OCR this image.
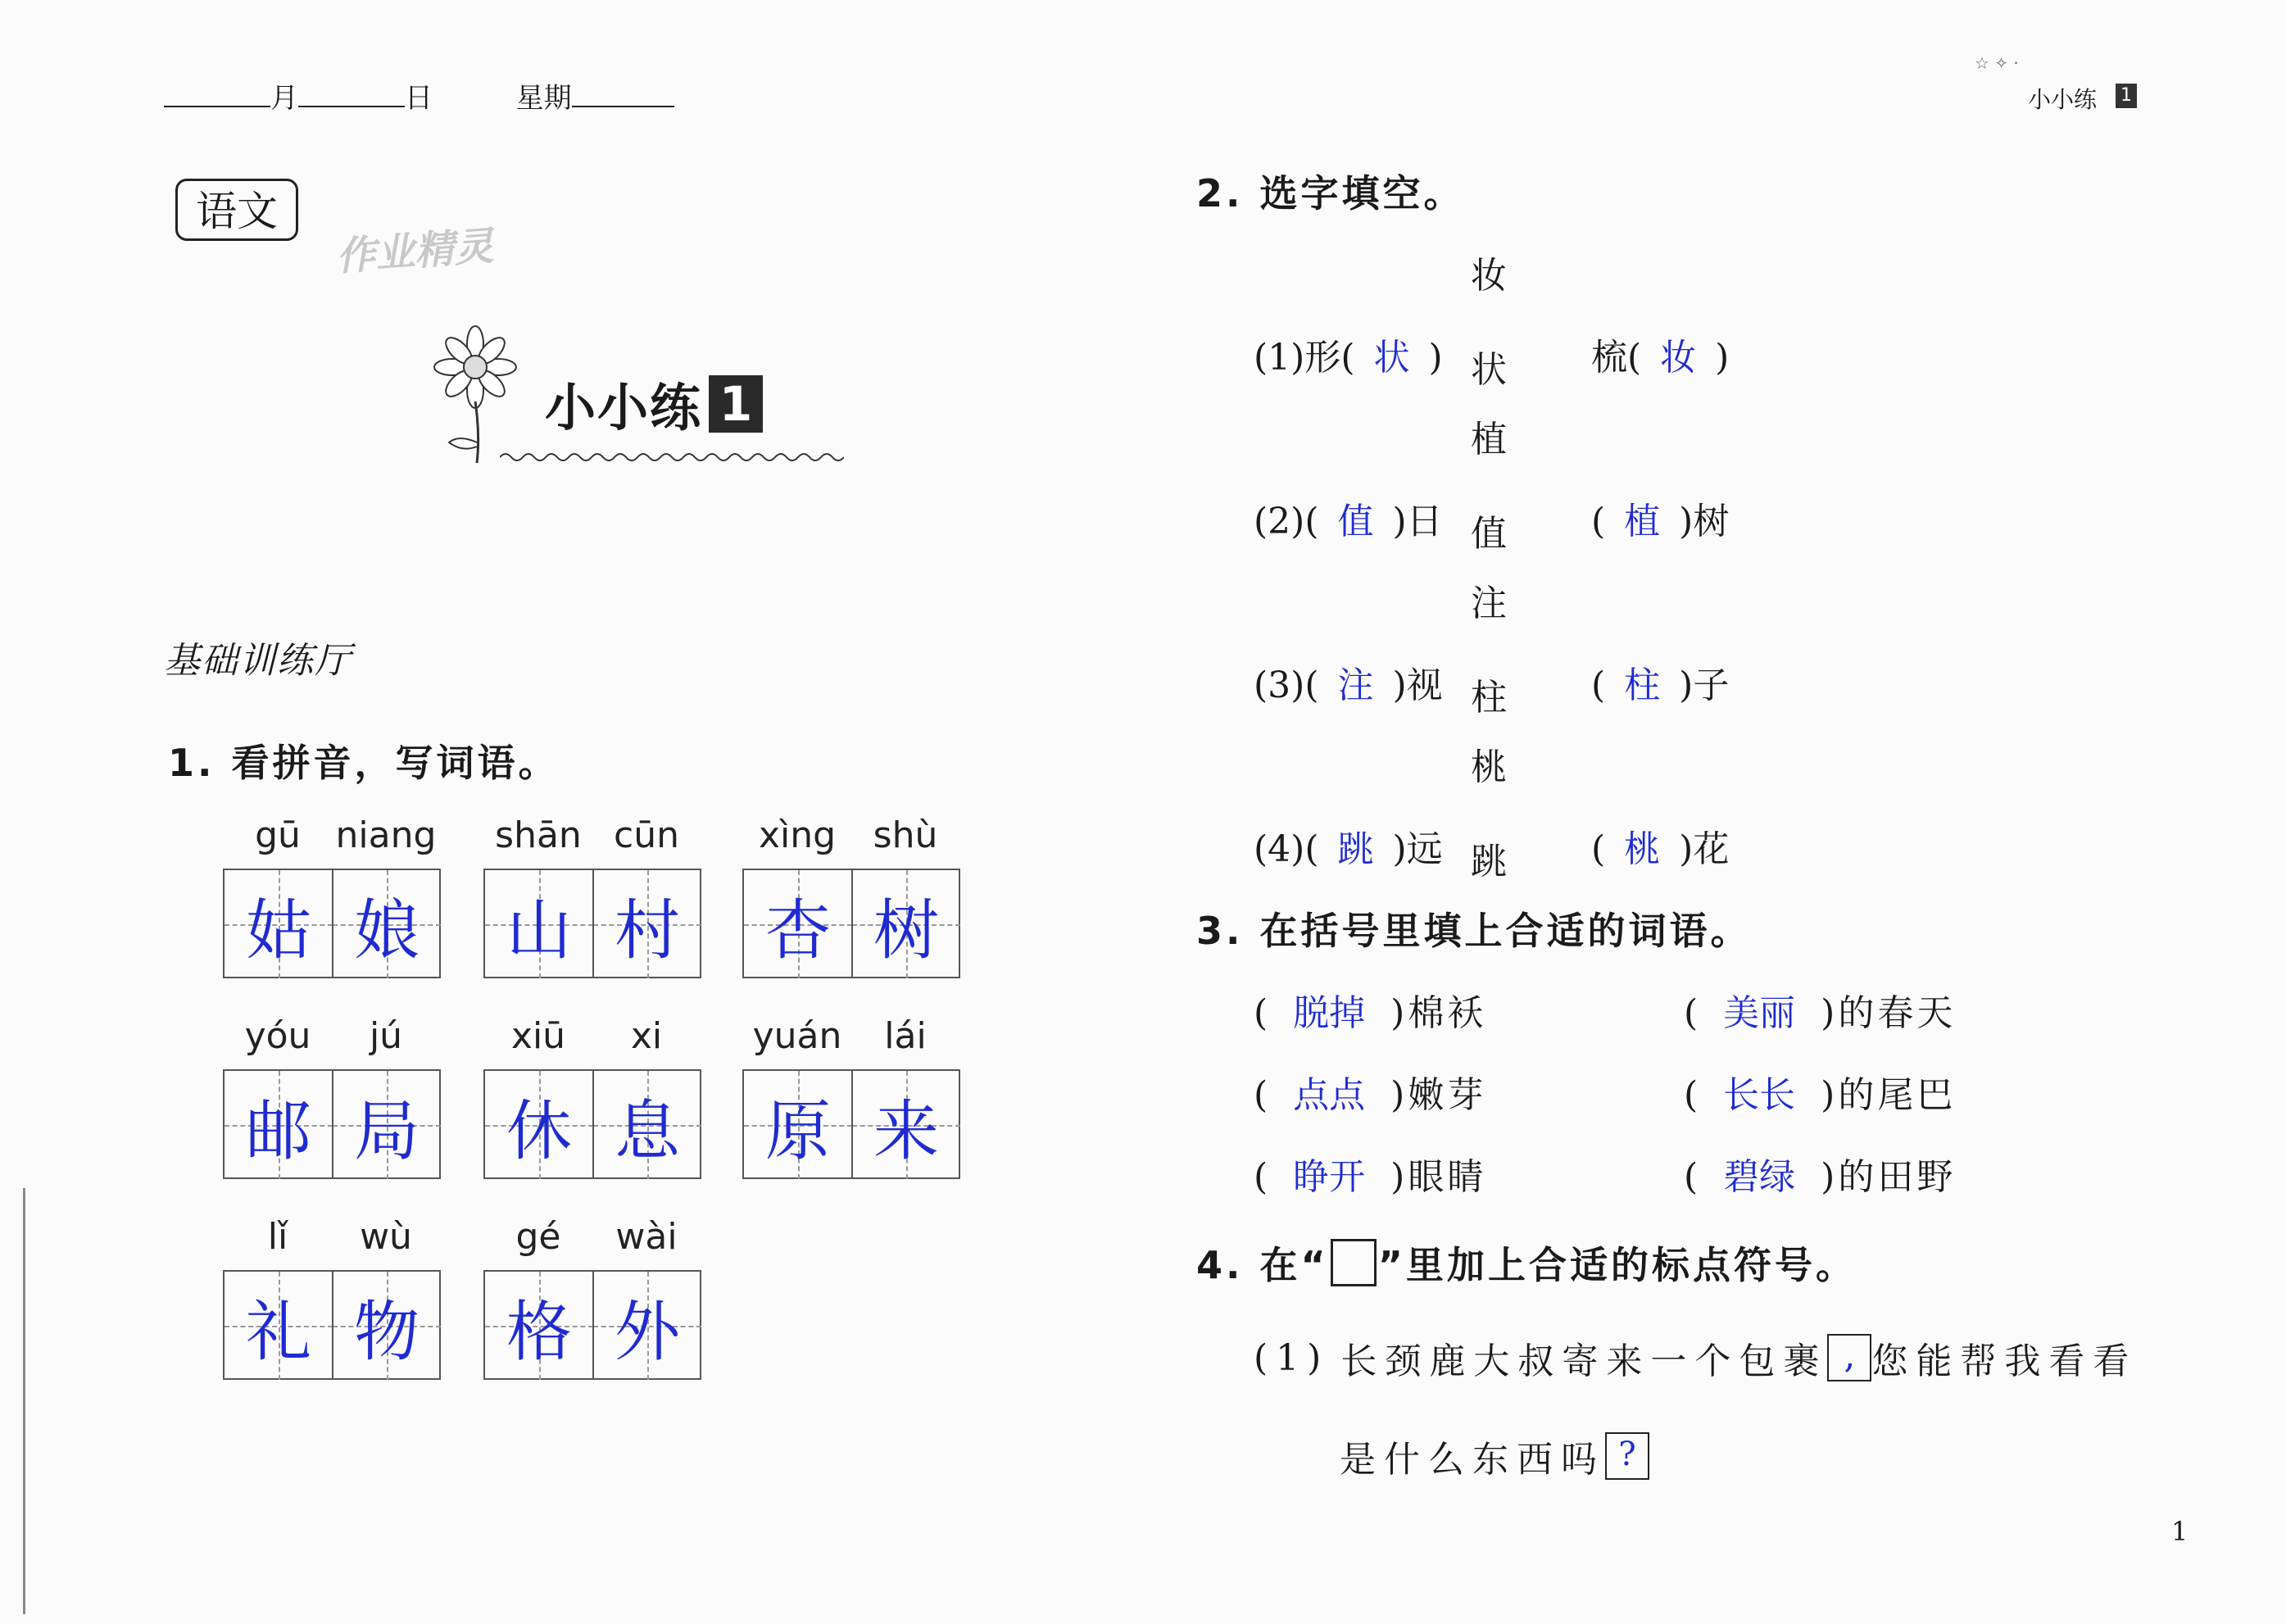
月	日	星期
☆ ✧ ·
小小练 1
语文
作业精灵
小小练 1
基础训练厅
1. 看拼音，写词语。
gū niang
姑 娘
shān cūn
山 村
xìng	shù
杏 树
yóu	jú
邮 局
xiū	xi
休 息
yuán	lái
原 来
lǐ	wù
礼 物
gé	wài
格 外
2. 选字填空。
妆状
(1)形( 状 )	梳( 妆 )
植值
(2)( 值 )日	( 植 )树
注柱
(3)( 注 )视	( 柱 )子
桃跳
(4)( 跳 )远	( 桃 )花
3. 在括号里填上合适的词语。
( 脱掉 )棉袄	( 美丽 )的春天
( 点点 )嫩芽	( 长长 )的尾巴
( 睁开 )眼睛	( 碧绿 )的田野
4. 在“ ”里加上合适的标点符号。
(1) 长颈鹿大叔寄来一个包裹 , 您能帮我看看
是什么东西吗 ?
1
